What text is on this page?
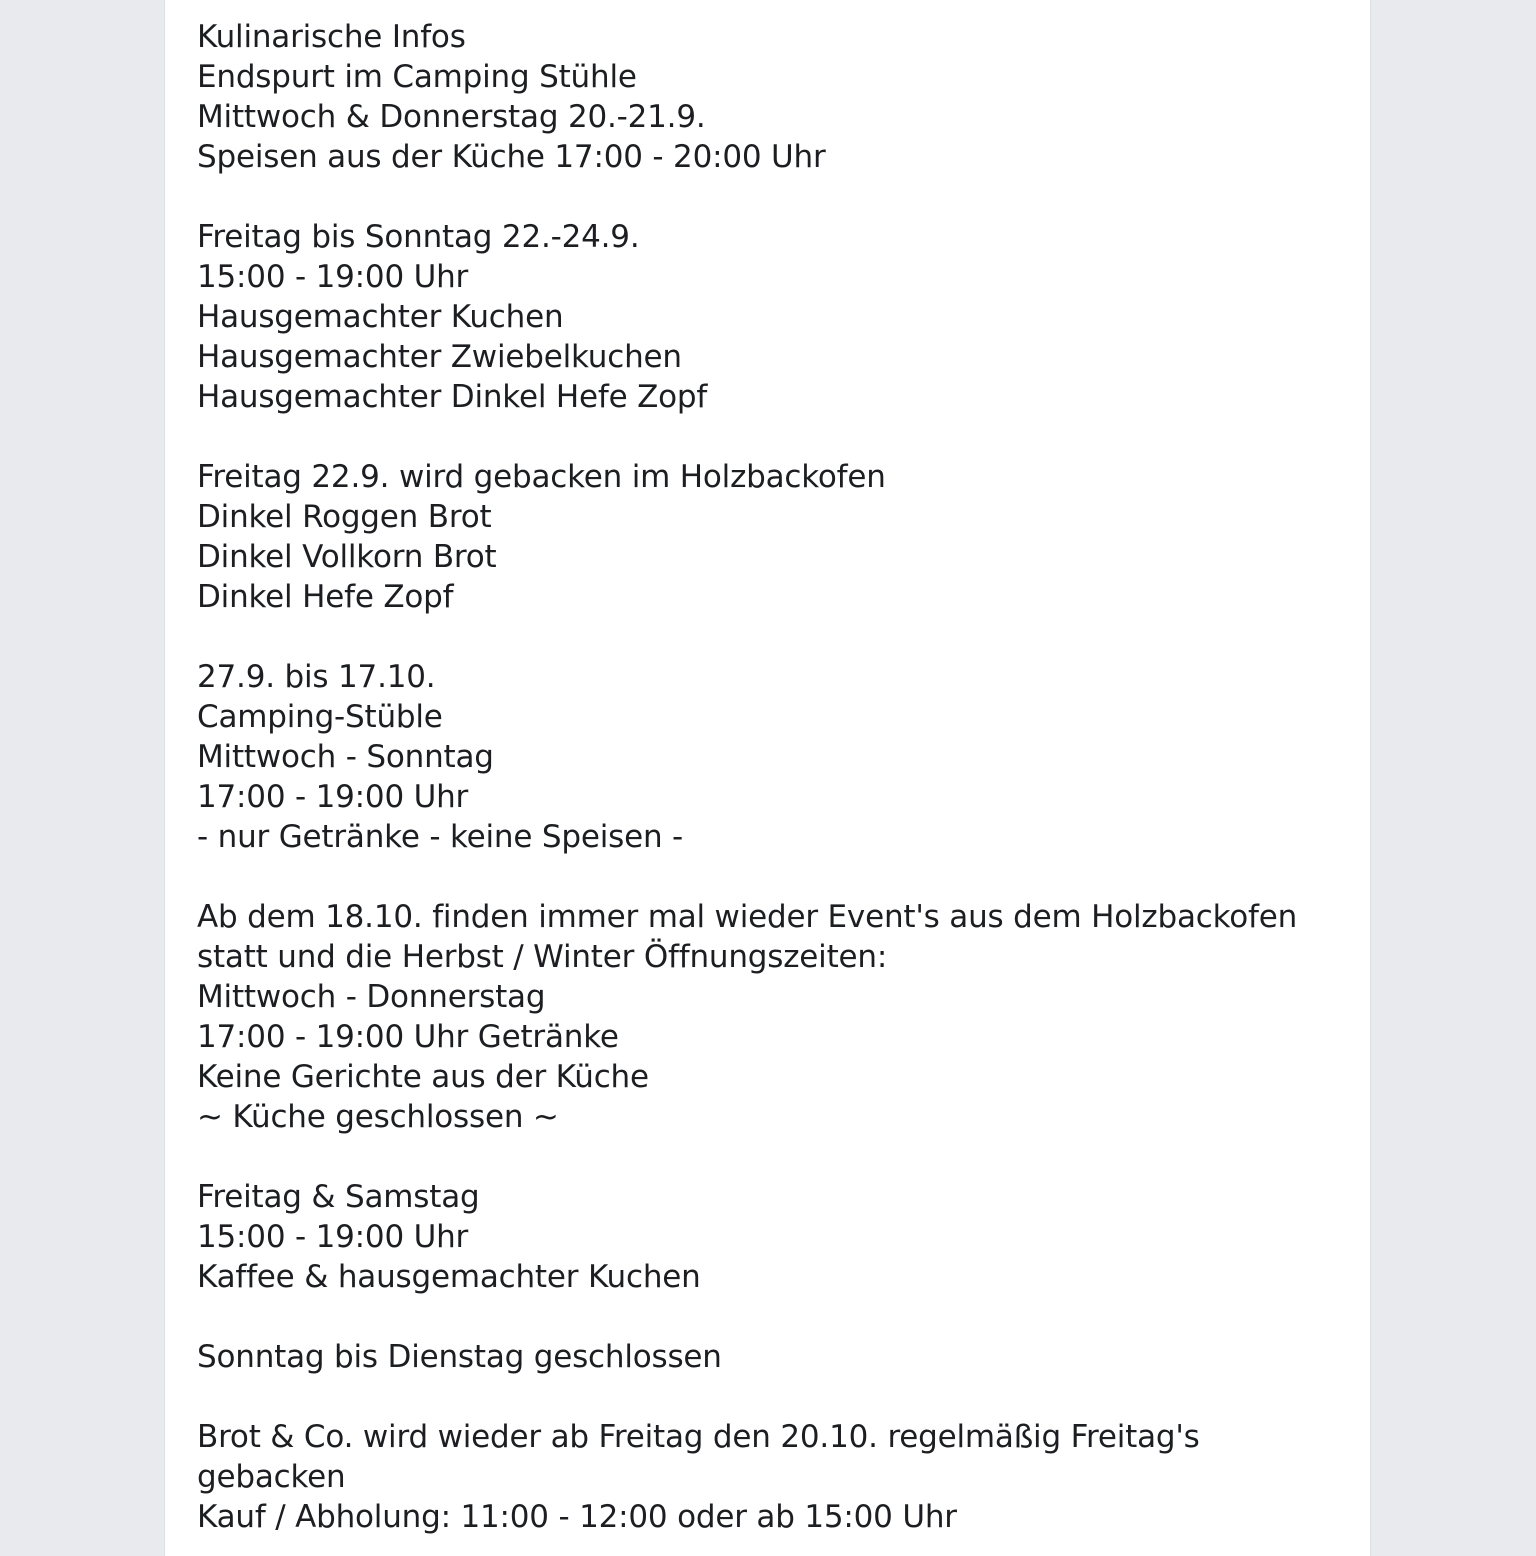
Kulinarische Infos
Endspurt im Camping Stühle
Mittwoch & Donnerstag 20.-21.9.
Speisen aus der Küche 17:00 - 20:00 Uhr
Freitag bis Sonntag 22.-24.9.
15:00 - 19:00 Uhr
Hausgemachter Kuchen
Hausgemachter Zwiebelkuchen
Hausgemachter Dinkel Hefe Zopf
Freitag 22.9. wird gebacken im Holzbackofen
Dinkel Roggen Brot
Dinkel Vollkorn Brot
Dinkel Hefe Zopf
27.9. bis 17.10.
Camping-Stüble
Mittwoch - Sonntag
17:00 - 19:00 Uhr
- nur Getränke - keine Speisen -
Ab dem 18.10. finden immer mal wieder Event's aus dem Holzbackofen
statt und die Herbst / Winter Öffnungszeiten:
Mittwoch - Donnerstag
17:00 - 19:00 Uhr Getränke
Keine Gerichte aus der Küche
~ Küche geschlossen ~
Freitag & Samstag
15:00 - 19:00 Uhr
Kaffee & hausgemachter Kuchen
Sonntag bis Dienstag geschlossen
Brot & Co. wird wieder ab Freitag den 20.10. regelmäßig Freitag's
gebacken
Kauf / Abholung: 11:00 - 12:00 oder ab 15:00 Uhr
